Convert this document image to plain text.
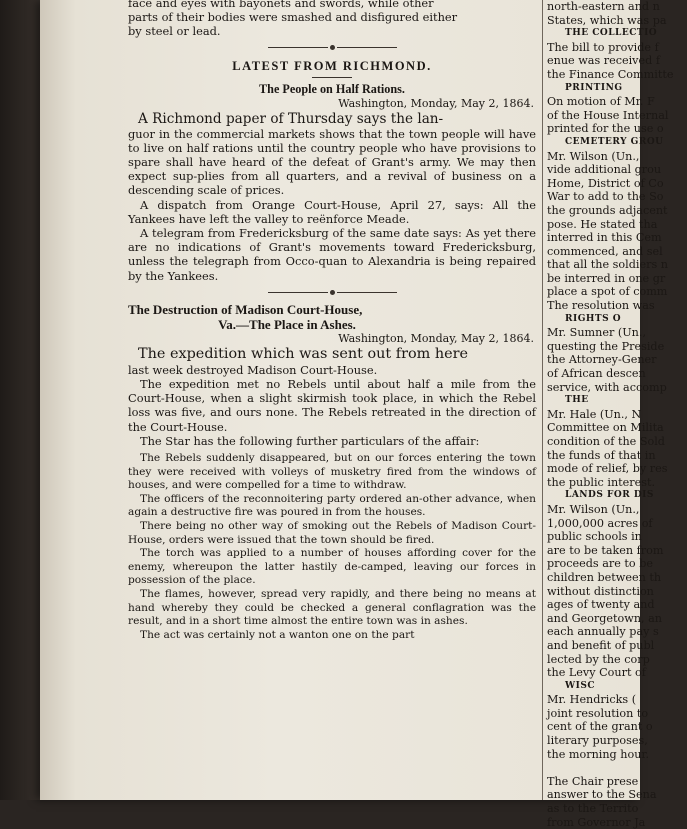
face and eyes with bayonets and swords, while other

parts of their bodies were smashed and disfigured either

by steel or lead.

LATEST FROM RICHMOND.
The People on Half Rations.
Washington, Monday, May 2, 1864.

A Richmond paper of Thursday says the lan-

guor in the commercial markets shows that the town people will have to live on half rations until the country people who have provisions to spare shall have heard of the defeat of Grant's army. We may then expect sup-plies from all quarters, and a revival of business on a descending scale of prices.

A dispatch from Orange Court-House, April 27, says: All the Yankees have left the valley to reënforce Meade.

A telegram from Fredericksburg of the same date says: As yet there are no indications of Grant's movements toward Fredericksburg, unless the telegraph from Occo-quan to Alexandria is being repaired by the Yankees.

The Destruction of Madison Court-House,
Va.—The Place in Ashes.
Washington, Monday, May 2, 1864.

The expedition which was sent out from here

last week destroyed Madison Court-House.

The expedition met no Rebels until about half a mile from the Court-House, when a slight skirmish took place, in which the Rebel loss was five, and ours none. The Rebels retreated in the direction of the Court-House.

The Star has the following further particulars of the affair:

The Rebels suddenly disappeared, but on our forces entering the town they were received with volleys of musketry fired from the windows of houses, and were compelled for a time to withdraw.

The officers of the reconnoitering party ordered an-other advance, when again a destructive fire was poured in from the houses.

There being no other way of smoking out the Rebels of Madison Court-House, orders were issued that the town should be fired.

The torch was applied to a number of houses affording cover for the enemy, whereupon the latter hastily de-camped, leaving our forces in possession of the place.

The flames, however, spread very rapidly, and there being no means at hand whereby they could be checked a general conflagration was the result, and in a short time almost the entire town was in ashes.

The act was certainly not a wanton one on the part

north-eastern and n
States, which was pa
THE COLLECTIO
The bill to provide f
enue was received f
the Finance Committe
PRINTING
On motion of Mr. F
of the House Internal
printed for the use o
CEMETERY GROU
Mr. Wilson (Un.,
vide additional grou
Home, District of Co
War to add to the So
the grounds adjacent
pose. He stated tha
interred in this Cem
commenced, and sel
that all the soldiers n
be interred in one gr
place a spot of comm
The resolution was
RIGHTS O
Mr. Sumner (Un.,
questing the Preside
the Attorney-Gener
of African descen
service, with accomp
THE
Mr. Hale (Un., N
Committee on Milita
condition of the Sold
the funds of that in
mode of relief, by res
the public interest.
LANDS FOR DIS
Mr. Wilson (Un.,
1,000,000 acres of
public schools in
are to be taken from
proceeds are to be
children between th
without distinction
ages of twenty and
and Georgetown, an
each annually pay s
and benefit of publ
lected by the corp
the Levy Court of
WISC
Mr. Hendricks (
joint resolution to
cent of the grant o
literary purposes,
the morning hour.

The Chair prese
answer to the Sena
as to the Territo
from Governor Ja
